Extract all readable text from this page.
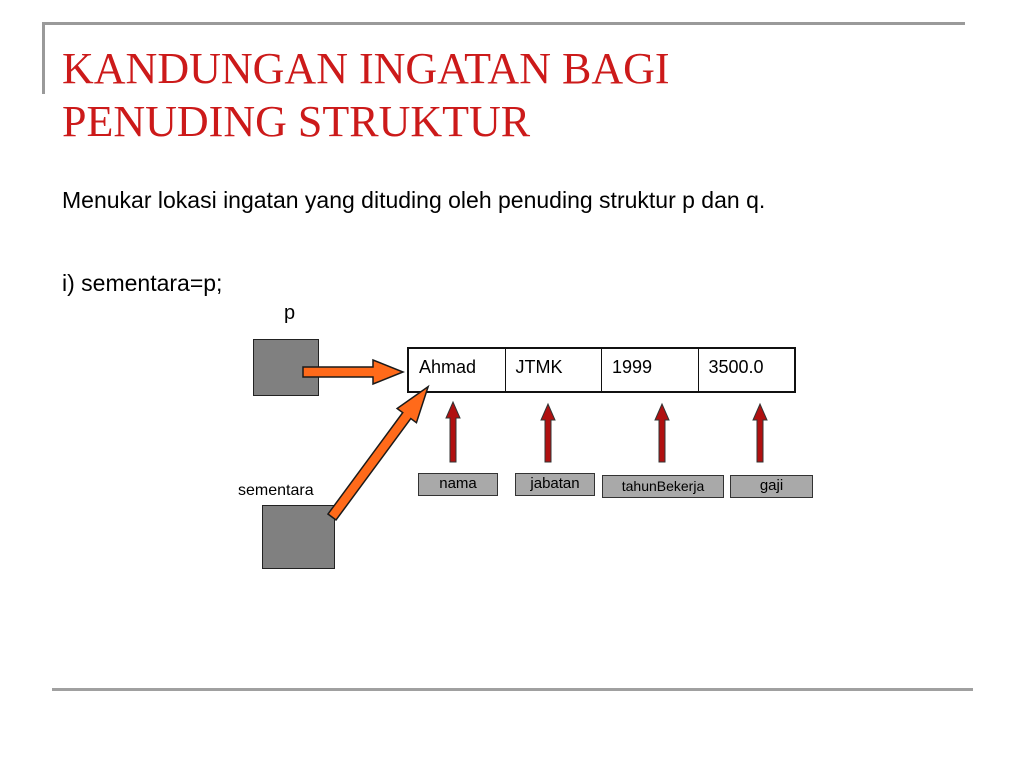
KANDUNGAN INGATAN BAGI
PENUDING STRUKTUR
Menukar lokasi ingatan yang dituding oleh penuding struktur p dan q.
i) sementara=p;
p
sementara
Ahmad	JTMK	1999	3500.0
nama	jabatan	tahunBekerja	gaji
